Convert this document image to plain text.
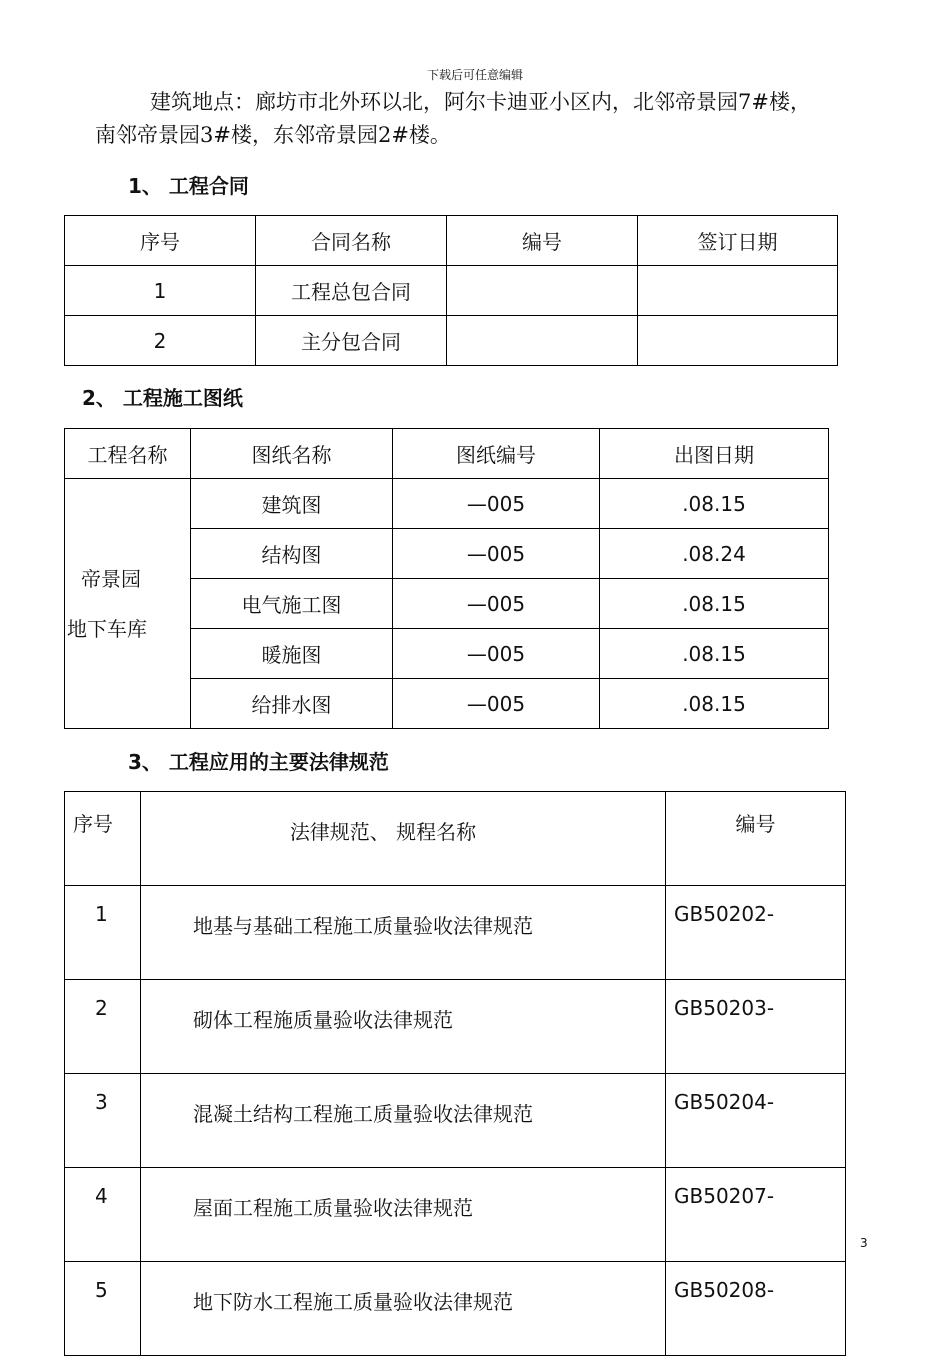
下载后可任意编辑
建筑地点：廊坊市北外环以北，阿尔卡迪亚小区内，北邻帝景园7#楼，
南邻帝景园3#楼，东邻帝景园2#楼。
1、 工程合同
序号	合同名称	编号	签订日期
1	工程总包合同		
2	主分包合同		
2、 工程施工图纸
工程名称	图纸名称	图纸编号	出图日期

帝景园
地下车库	建筑图	—005	.08.15
	结构图	—005	.08.24
	电气施工图	—005	.08.15
	暖施图	—005	.08.15
	给排水图	—005	.08.15
3、 工程应用的主要法律规范
序号	法律规范、 规程名称	编号
1	地基与基础工程施工质量验收法律规范	GB50202-
2	砌体工程施质量验收法律规范	GB50203-
3	混凝土结构工程施工质量验收法律规范	GB50204-
4	屋面工程施工质量验收法律规范	GB50207-
5	地下防水工程施工质量验收法律规范	GB50208-
3
